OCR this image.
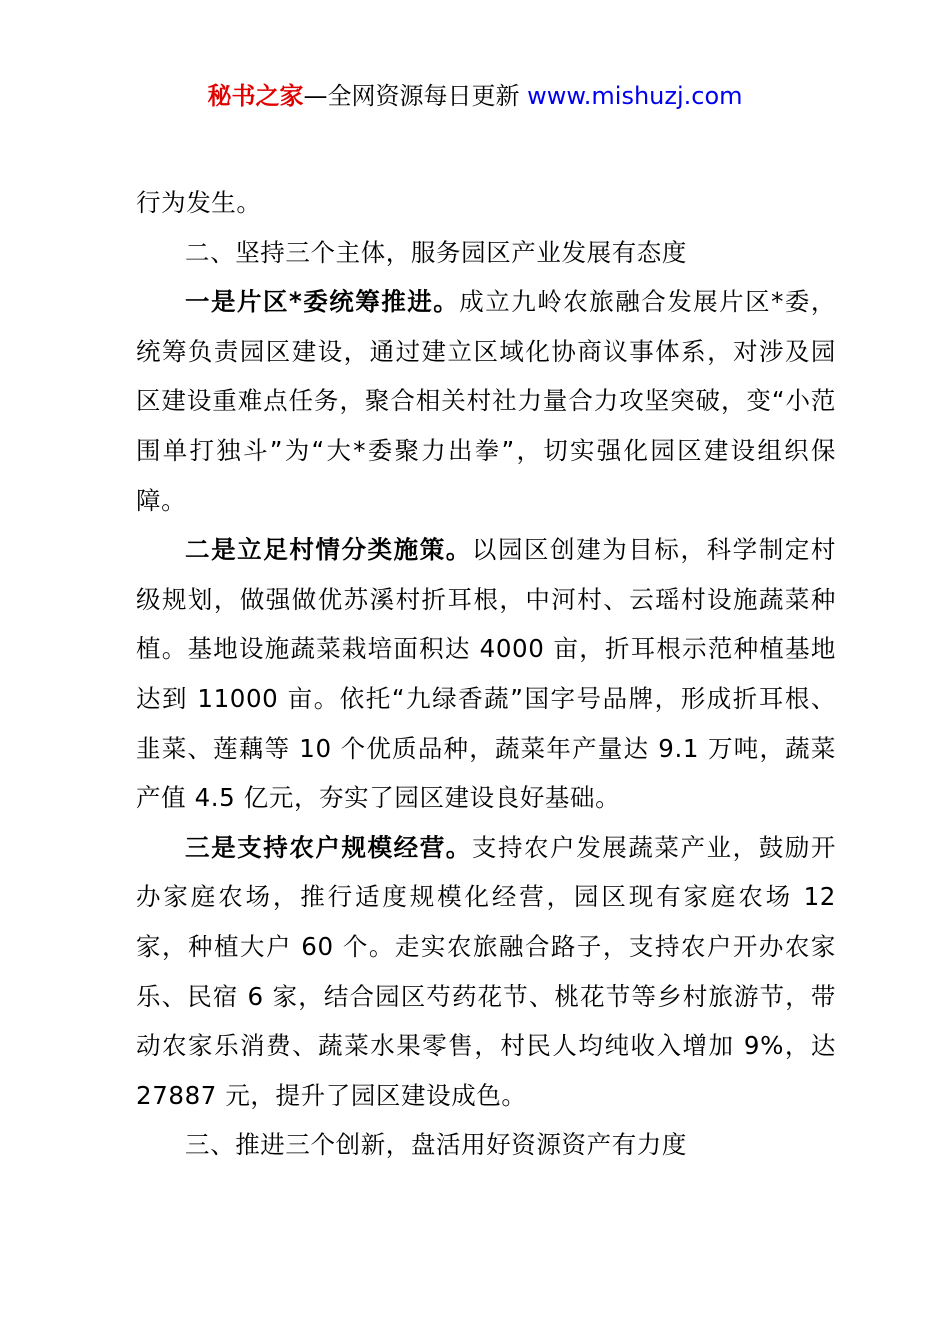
秘书之家—全网资源每日更新 www.mishuzj.com

行为发生。

二、坚持三个主体，服务园区产业发展有态度

一是片区*委统筹推进。成立九岭农旅融合发展片区*委，统筹负责园区建设，通过建立区域化协商议事体系，对涉及园区建设重难点任务，聚合相关村社力量合力攻坚突破，变“小范围单打独斗”为“大*委聚力出拳”，切实强化园区建设组织保障。

二是立足村情分类施策。以园区创建为目标，科学制定村级规划，做强做优苏溪村折耳根，中河村、云瑶村设施蔬菜种植。基地设施蔬菜栽培面积达 4000 亩，折耳根示范种植基地达到 11000 亩。依托“九绿香蔬”国字号品牌，形成折耳根、韭菜、莲藕等 10 个优质品种，蔬菜年产量达 9.1 万吨，蔬菜产值 4.5 亿元，夯实了园区建设良好基础。

三是支持农户规模经营。支持农户发展蔬菜产业，鼓励开办家庭农场，推行适度规模化经营，园区现有家庭农场 12 家，种植大户 60 个。走实农旅融合路子，支持农户开办农家乐、民宿 6 家，结合园区芍药花节、桃花节等乡村旅游节，带动农家乐消费、蔬菜水果零售，村民人均纯收入增加 9%，达 27887 元，提升了园区建设成色。

三、推进三个创新，盘活用好资源资产有力度
